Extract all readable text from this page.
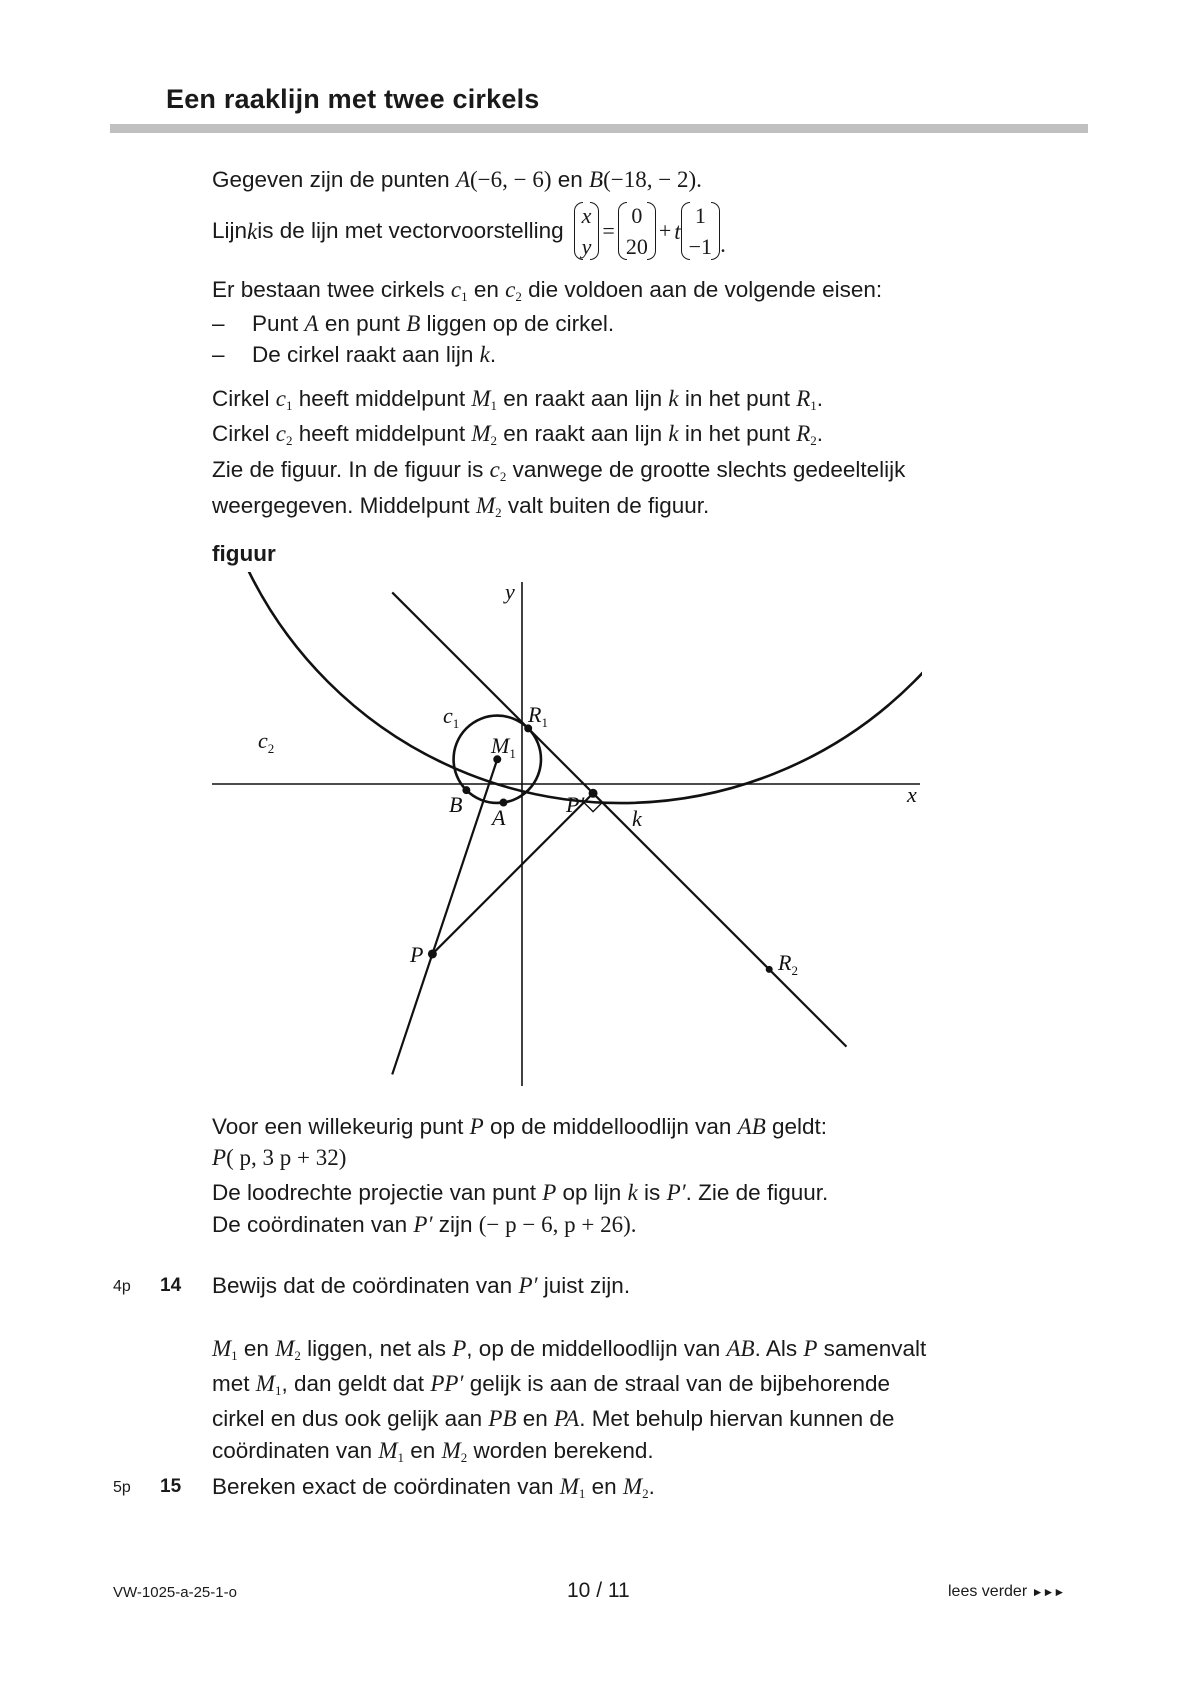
Een raaklijn met twee cirkels
Gegeven zijn de punten A(−6, − 6) en B(−18, − 2).
Lijn k is de lijn met vectorvoorstelling
x
y
=
0
20
+ t
1
−1 .
Er bestaan twee cirkels $c_1$ en $c_2$ die voldoen aan de volgende eisen:
– Punt A en punt B liggen op de cirkel.
– De cirkel raakt aan lijn k.
Cirkel $c_1$ heeft middelpunt $M_1$ en raakt aan lijn k in het punt $R_1$.
Cirkel $c_2$ heeft middelpunt $M_2$ en raakt aan lijn k in het punt $R_2$.
Zie de figuur. In de figuur is $c_2$ vanwege de grootte slechts gedeeltelijk
weergegeven. Middelpunt $M_2$ valt buiten de figuur.
figuur
y
x
k
$c_1$
$c_2$	$M_1$
$R_1$
$R_2$
B
A
P
P′
Voor een willekeurig punt P op de middelloodlijn van AB geldt:
P( p, 3 p + 32)
De loodrechte projectie van punt P op lijn k is P′. Zie de figuur.
De coördinaten van P′ zijn (− p − 6, p + 26).
4p 14 Bewijs dat de coördinaten van P′ juist zijn.
$M_1$ en $M_2$ liggen, net als P, op de middelloodlijn van AB. Als P samenvalt
met $M_1$, dan geldt dat PP′ gelijk is aan de straal van de bijbehorende
cirkel en dus ook gelijk aan PB en PA. Met behulp hiervan kunnen de
coördinaten van $M_1$ en $M_2$ worden berekend.
5p 15 Bereken exact de coördinaten van $M_1$ en $M_2$.
VW-1025-a-25-1-o	10 / 11	lees verder ►►►
